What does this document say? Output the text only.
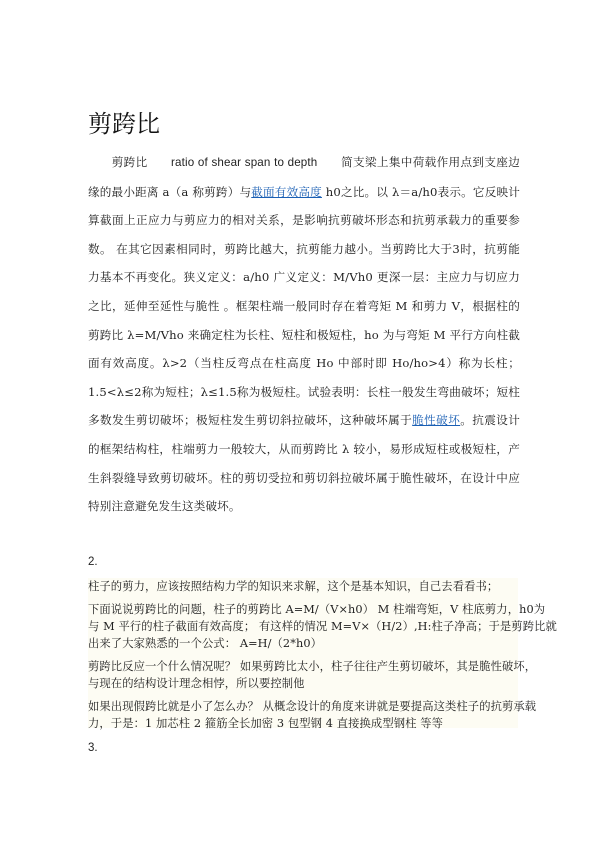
剪跨比
  剪跨比   ratio of shear span to depth   简支梁上集中荷载作用点到支座边缘的最小距离 a（a 称剪跨）与截面有效高度 h0之比。以 λ＝a/h0表示。它反映计算截面上正应力与剪应力的相对关系，是影响抗剪破坏形态和抗剪承载力的重要参数。 在其它因素相同时，剪跨比越大，抗剪能力越小。当剪跨比大于3时，抗剪能力基本不再变化。狭义定义：a/h0 广义定义：M/Vh0 更深一层：主应力与切应力之比，延伸至延性与脆性 。框架柱端一般同时存在着弯矩 M 和剪力 V，根据柱的剪跨比 λ=M/Vho 来确定柱为长柱、短柱和极短柱，ho 为与弯矩 M 平行方向柱截面有效高度。λ>2（当柱反弯点在柱高度 Ho 中部时即 Ho/ho>4）称为长柱；1.5<λ≤2称为短柱；λ≤1.5称为极短柱。试验表明：长柱一般发生弯曲破坏；短柱多数发生剪切破坏；极短柱发生剪切斜拉破坏，这种破坏属于脆性破坏。抗震设计的框架结构柱，柱端剪力一般较大，从而剪跨比 λ 较小，易形成短柱或极短柱，产生斜裂缝导致剪切破坏。柱的剪切受拉和剪切斜拉破坏属于脆性破坏，在设计中应特别注意避免发生这类破坏。
2.

柱子的剪力，应该按照结构力学的知识来求解，这个是基本知识，自己去看看书；

下面说说剪跨比的问题，柱子的剪跨比 A=M/（V×h0） M 柱端弯矩，V 柱底剪力，h0为
与 M 平行的柱子截面有效高度； 有这样的情况 M=V×（H/2）,H:柱子净高；于是剪跨比就
出来了大家熟悉的一个公式： A=H/（2*h0）

剪跨比反应一个什么情况呢？ 如果剪跨比太小，柱子往往产生剪切破坏，其是脆性破坏，
与现在的结构设计理念相悖，所以要控制他

如果出现假跨比就是小了怎么办？ 从概念设计的角度来讲就是要提高这类柱子的抗剪承载
力，于是：1 加芯柱 2 箍筋全长加密 3 包型钢 4 直接换成型钢柱 等等

3.
